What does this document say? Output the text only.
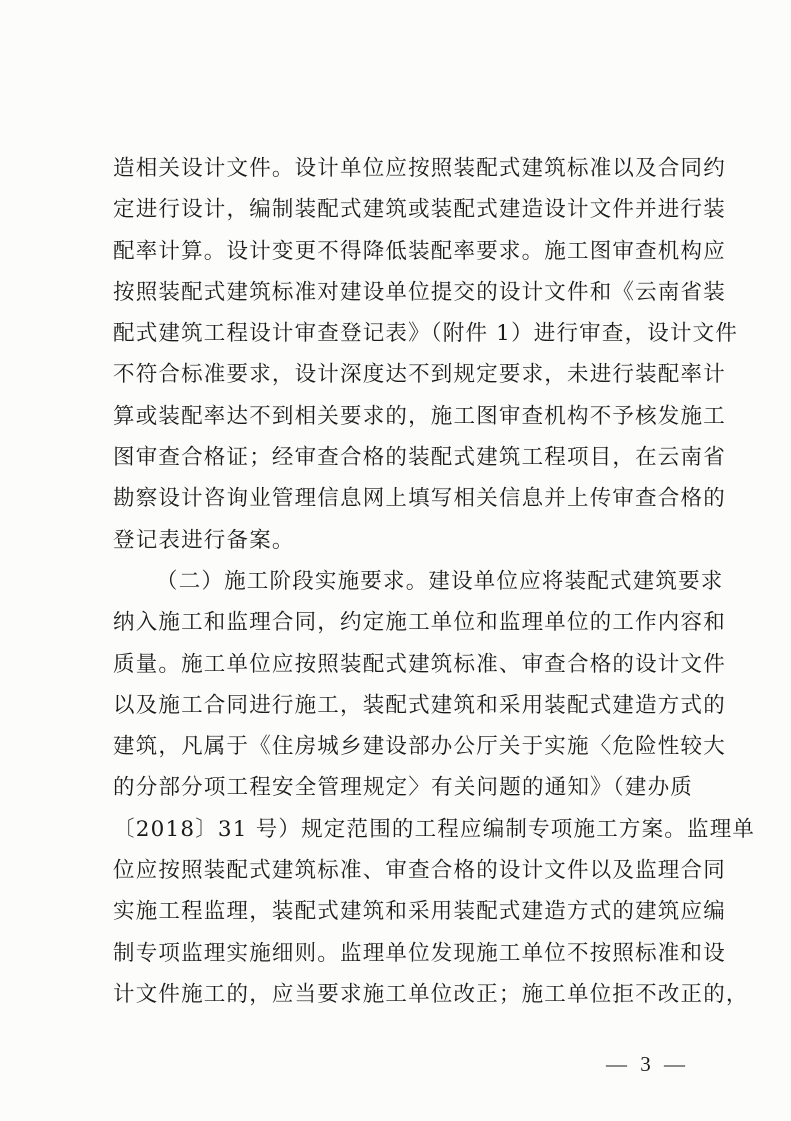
造相关设计文件。设计单位应按照装配式建筑标准以及合同约
定进行设计，编制装配式建筑或装配式建造设计文件并进行装
配率计算。设计变更不得降低装配率要求。施工图审查机构应
按照装配式建筑标准对建设单位提交的设计文件和《云南省装
配式建筑工程设计审查登记表》（附件 1）进行审查，设计文件
不符合标准要求，设计深度达不到规定要求，未进行装配率计
算或装配率达不到相关要求的，施工图审查机构不予核发施工
图审查合格证；经审查合格的装配式建筑工程项目，在云南省
勘察设计咨询业管理信息网上填写相关信息并上传审查合格的
登记表进行备案。
（二）施工阶段实施要求。建设单位应将装配式建筑要求
纳入施工和监理合同，约定施工单位和监理单位的工作内容和
质量。施工单位应按照装配式建筑标准、审查合格的设计文件
以及施工合同进行施工，装配式建筑和采用装配式建造方式的
建筑，凡属于《住房城乡建设部办公厅关于实施〈危险性较大
的分部分项工程安全管理规定〉有关问题的通知》（建办质
〔2018〕31 号）规定范围的工程应编制专项施工方案。监理单
位应按照装配式建筑标准、审查合格的设计文件以及监理合同
实施工程监理，装配式建筑和采用装配式建造方式的建筑应编
制专项监理实施细则。监理单位发现施工单位不按照标准和设
计文件施工的，应当要求施工单位改正；施工单位拒不改正的，
— 3 —
